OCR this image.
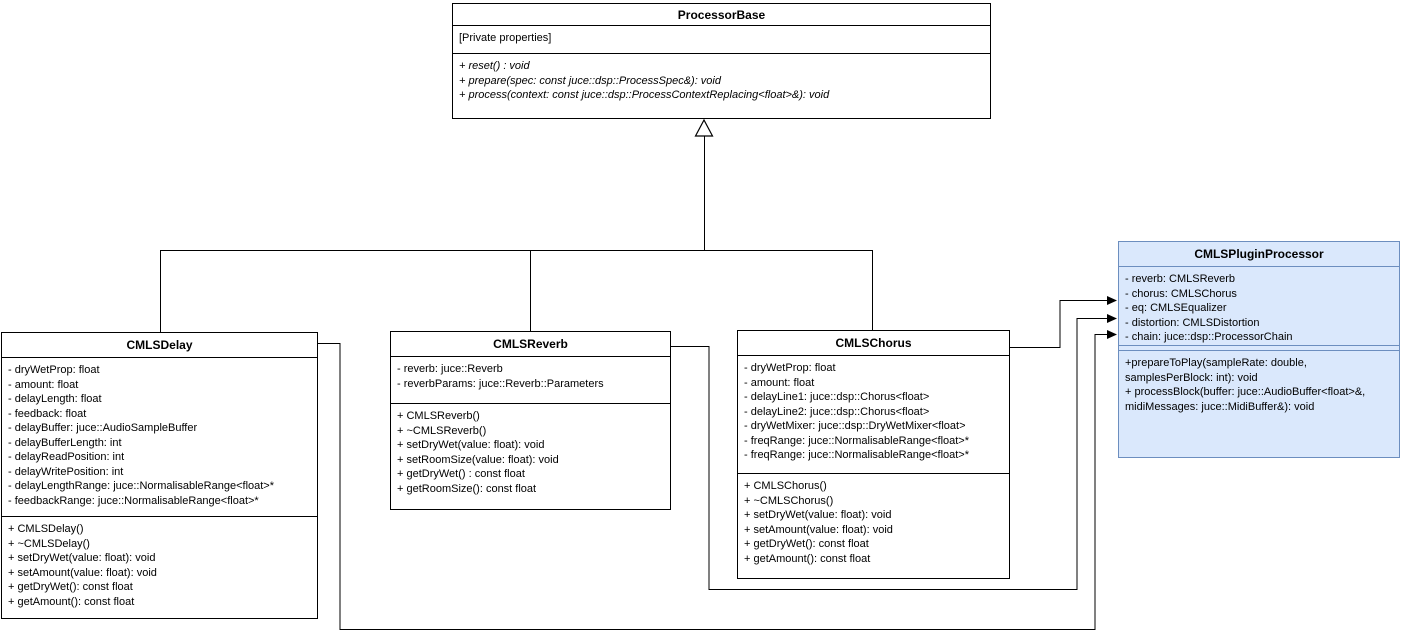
ProcessorBase
[Private properties]
+ reset() : void
+ prepare(spec: const juce::dsp::ProcessSpec&): void
+ process(context: const juce::dsp::ProcessContextReplacing<float>&): void
CMLSDelay
- dryWetProp: float
- amount: float
- delayLength: float
- feedback: float
- delayBuffer: juce::AudioSampleBuffer
- delayBufferLength: int
- delayReadPosition: int
- delayWritePosition: int
- delayLengthRange: juce::NormalisableRange<float>*
- feedbackRange: juce::NormalisableRange<float>*
+ CMLSDelay()
+ ~CMLSDelay()
+ setDryWet(value: float): void
+ setAmount(value: float): void
+ getDryWet(): const float
+ getAmount(): const float
CMLSReverb
- reverb: juce::Reverb
- reverbParams: juce::Reverb::Parameters
+ CMLSReverb()
+ ~CMLSReverb()
+ setDryWet(value: float): void
+ setRoomSize(value: float): void
+ getDryWet() : const float
+ getRoomSize(): const float
CMLSChorus
- dryWetProp: float
- amount: float
- delayLine1: juce::dsp::Chorus<float>
- delayLine2: juce::dsp::Chorus<float>
- dryWetMixer: juce::dsp::DryWetMixer<float>
- freqRange: juce::NormalisableRange<float>*
- freqRange: juce::NormalisableRange<float>*
+ CMLSChorus()
+ ~CMLSChorus()
+ setDryWet(value: float): void
+ setAmount(value: float): void
+ getDryWet(): const float
+ getAmount(): const float
CMLSPluginProcessor
- reverb: CMLSReverb
- chorus: CMLSChorus
- eq: CMLSEqualizer
- distortion: CMLSDistortion
- chain: juce::dsp::ProcessorChain
+prepareToPlay(sampleRate: double, samplesPerBlock: int): void
+ processBlock(buffer: juce::AudioBuffer<float>&, midiMessages: juce::MidiBuffer&): void
